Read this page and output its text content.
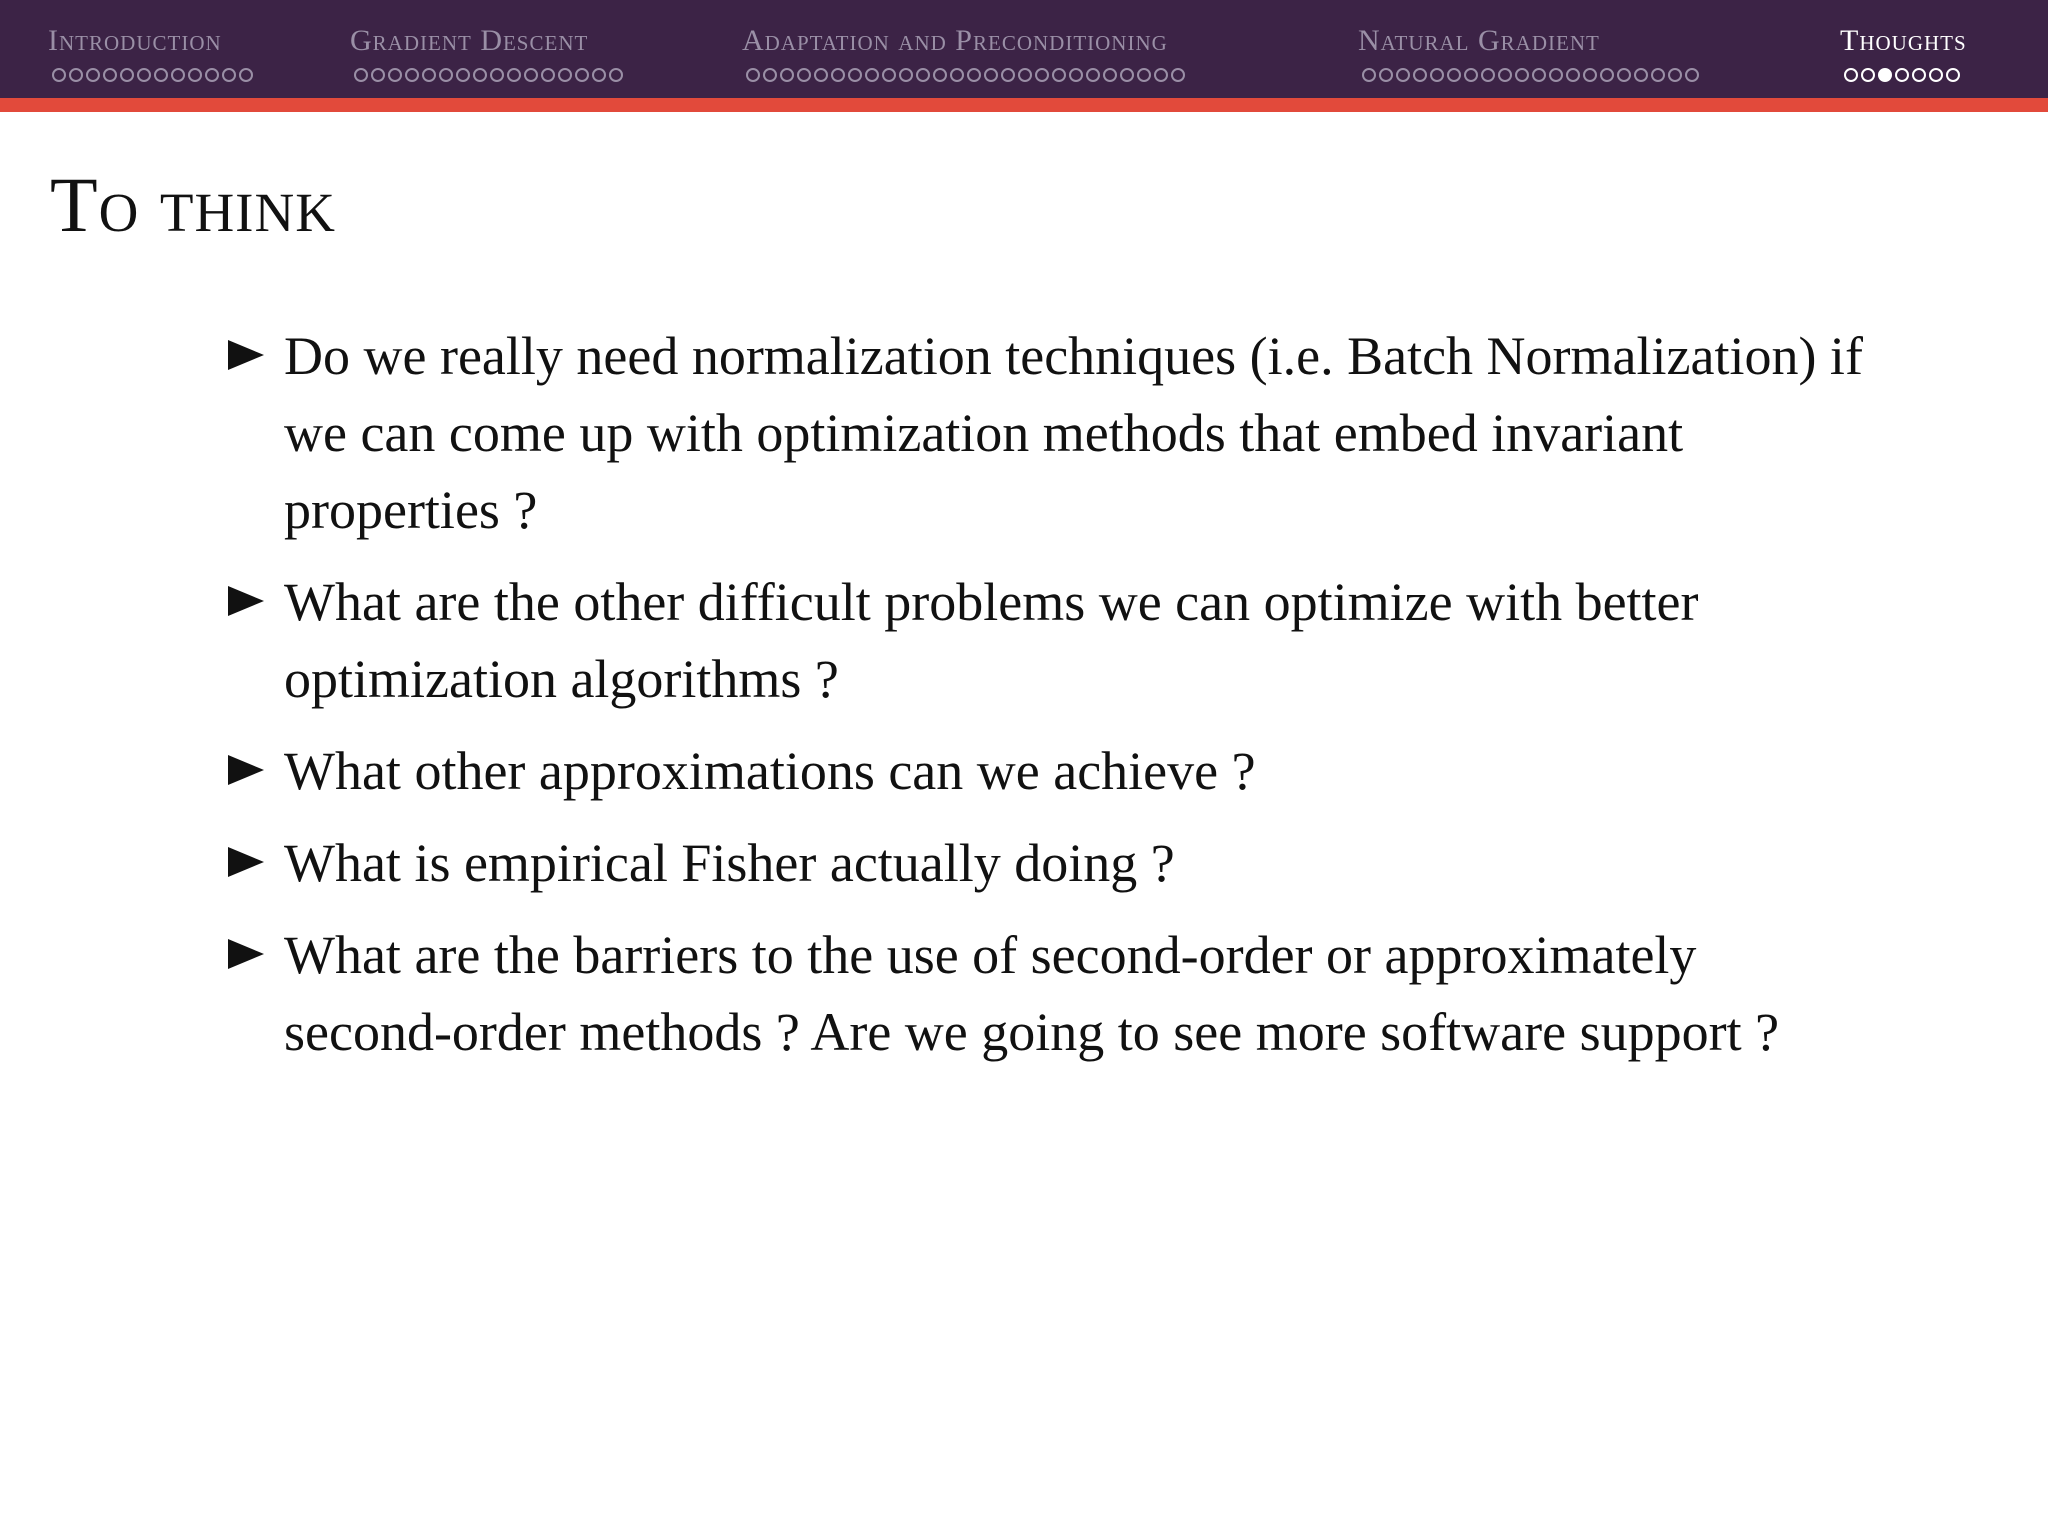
Introduction	Gradient Descent	Adaptation and Preconditioning	Natural Gradient	Thoughts
To think
Do we really need normalization techniques (i.e. Batch Normalization) if we can come up with optimization methods that embed invariant properties ?
What are the other difficult problems we can optimize with better optimization algorithms ?
What other approximations can we achieve ?
What is empirical Fisher actually doing ?
What are the barriers to the use of second-order or approximately second-order methods ? Are we going to see more software support ?
